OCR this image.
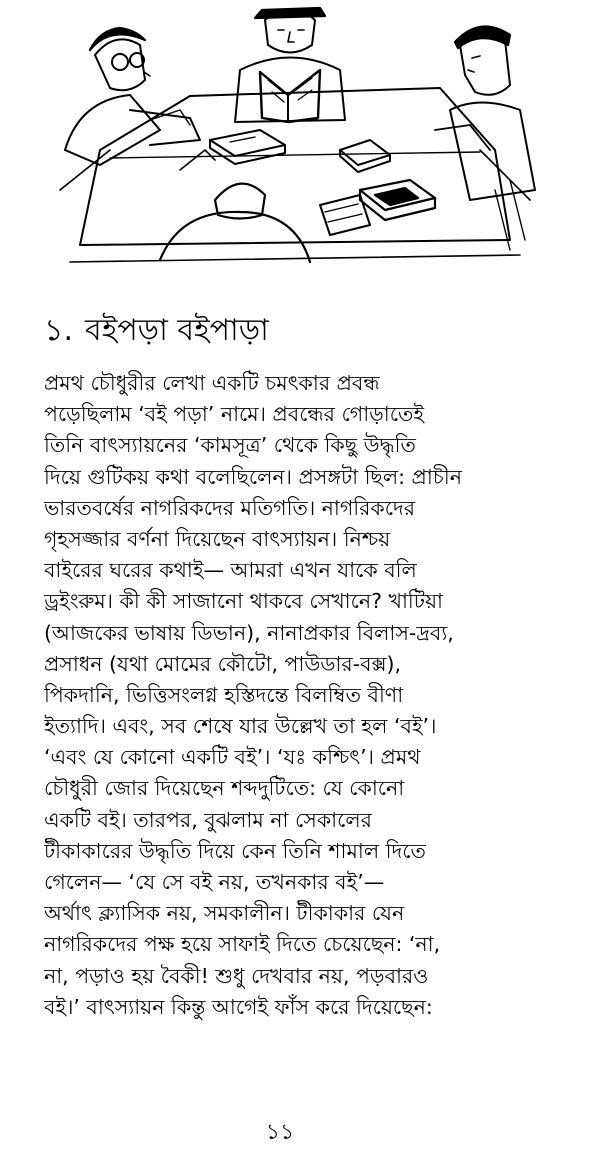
১. বইপড়া বইপাড়া
প্রমথ চৌধুরীর লেখা একটি চমৎকার প্রবন্ধ
পড়েছিলাম ‘বই পড়া’ নামে। প্রবন্ধের গোড়াতেই
তিনি বাৎস্যায়নের ‘কামসূত্র’ থেকে কিছু উদ্ধৃতি
দিয়ে গুটিকয় কথা বলেছিলেন। প্রসঙ্গটা ছিল: প্রাচীন
ভারতবর্ষের নাগরিকদের মতিগতি। নাগরিকদের
গৃহসজ্জার বর্ণনা দিয়েছেন বাৎস্যায়ন। নিশ্চয়
বাইরের ঘরের কথাই— আমরা এখন যাকে বলি
ড্রইংরুম। কী কী সাজানো থাকবে সেখানে? খাটিয়া
(আজকের ভাষায় ডিভান), নানাপ্রকার বিলাস-দ্রব্য,
প্রসাধন (যথা মোমের কৌটো, পাউডার-বক্স),
পিকদানি, ভিত্তিসংলগ্ন হস্তিদন্তে বিলম্বিত বীণা
ইত্যাদি। এবং, সব শেষে যার উল্লেখ তা হল ‘বই’।
‘এবং যে কোনো একটি বই’। ‘যঃ কশ্চিৎ’। প্রমথ
চৌধুরী জোর দিয়েছেন শব্দদুটিতে: যে কোনো
একটি বই। তারপর, বুঝলাম না সেকালের
টীকাকারের উদ্ধৃতি দিয়ে কেন তিনি শামাল দিতে
গেলেন— ‘যে সে বই নয়, তখনকার বই’—
অর্থাৎ ক্ল্যাসিক নয়, সমকালীন। টীকাকার যেন
নাগরিকদের পক্ষ হয়ে সাফাই দিতে চেয়েছেন: ‘না,
না, পড়াও হয় বৈকী! শুধু দেখবার নয়, পড়বারও
বই।’ বাৎস্যায়ন কিন্তু আগেই ফাঁস করে দিয়েছেন:
১১
